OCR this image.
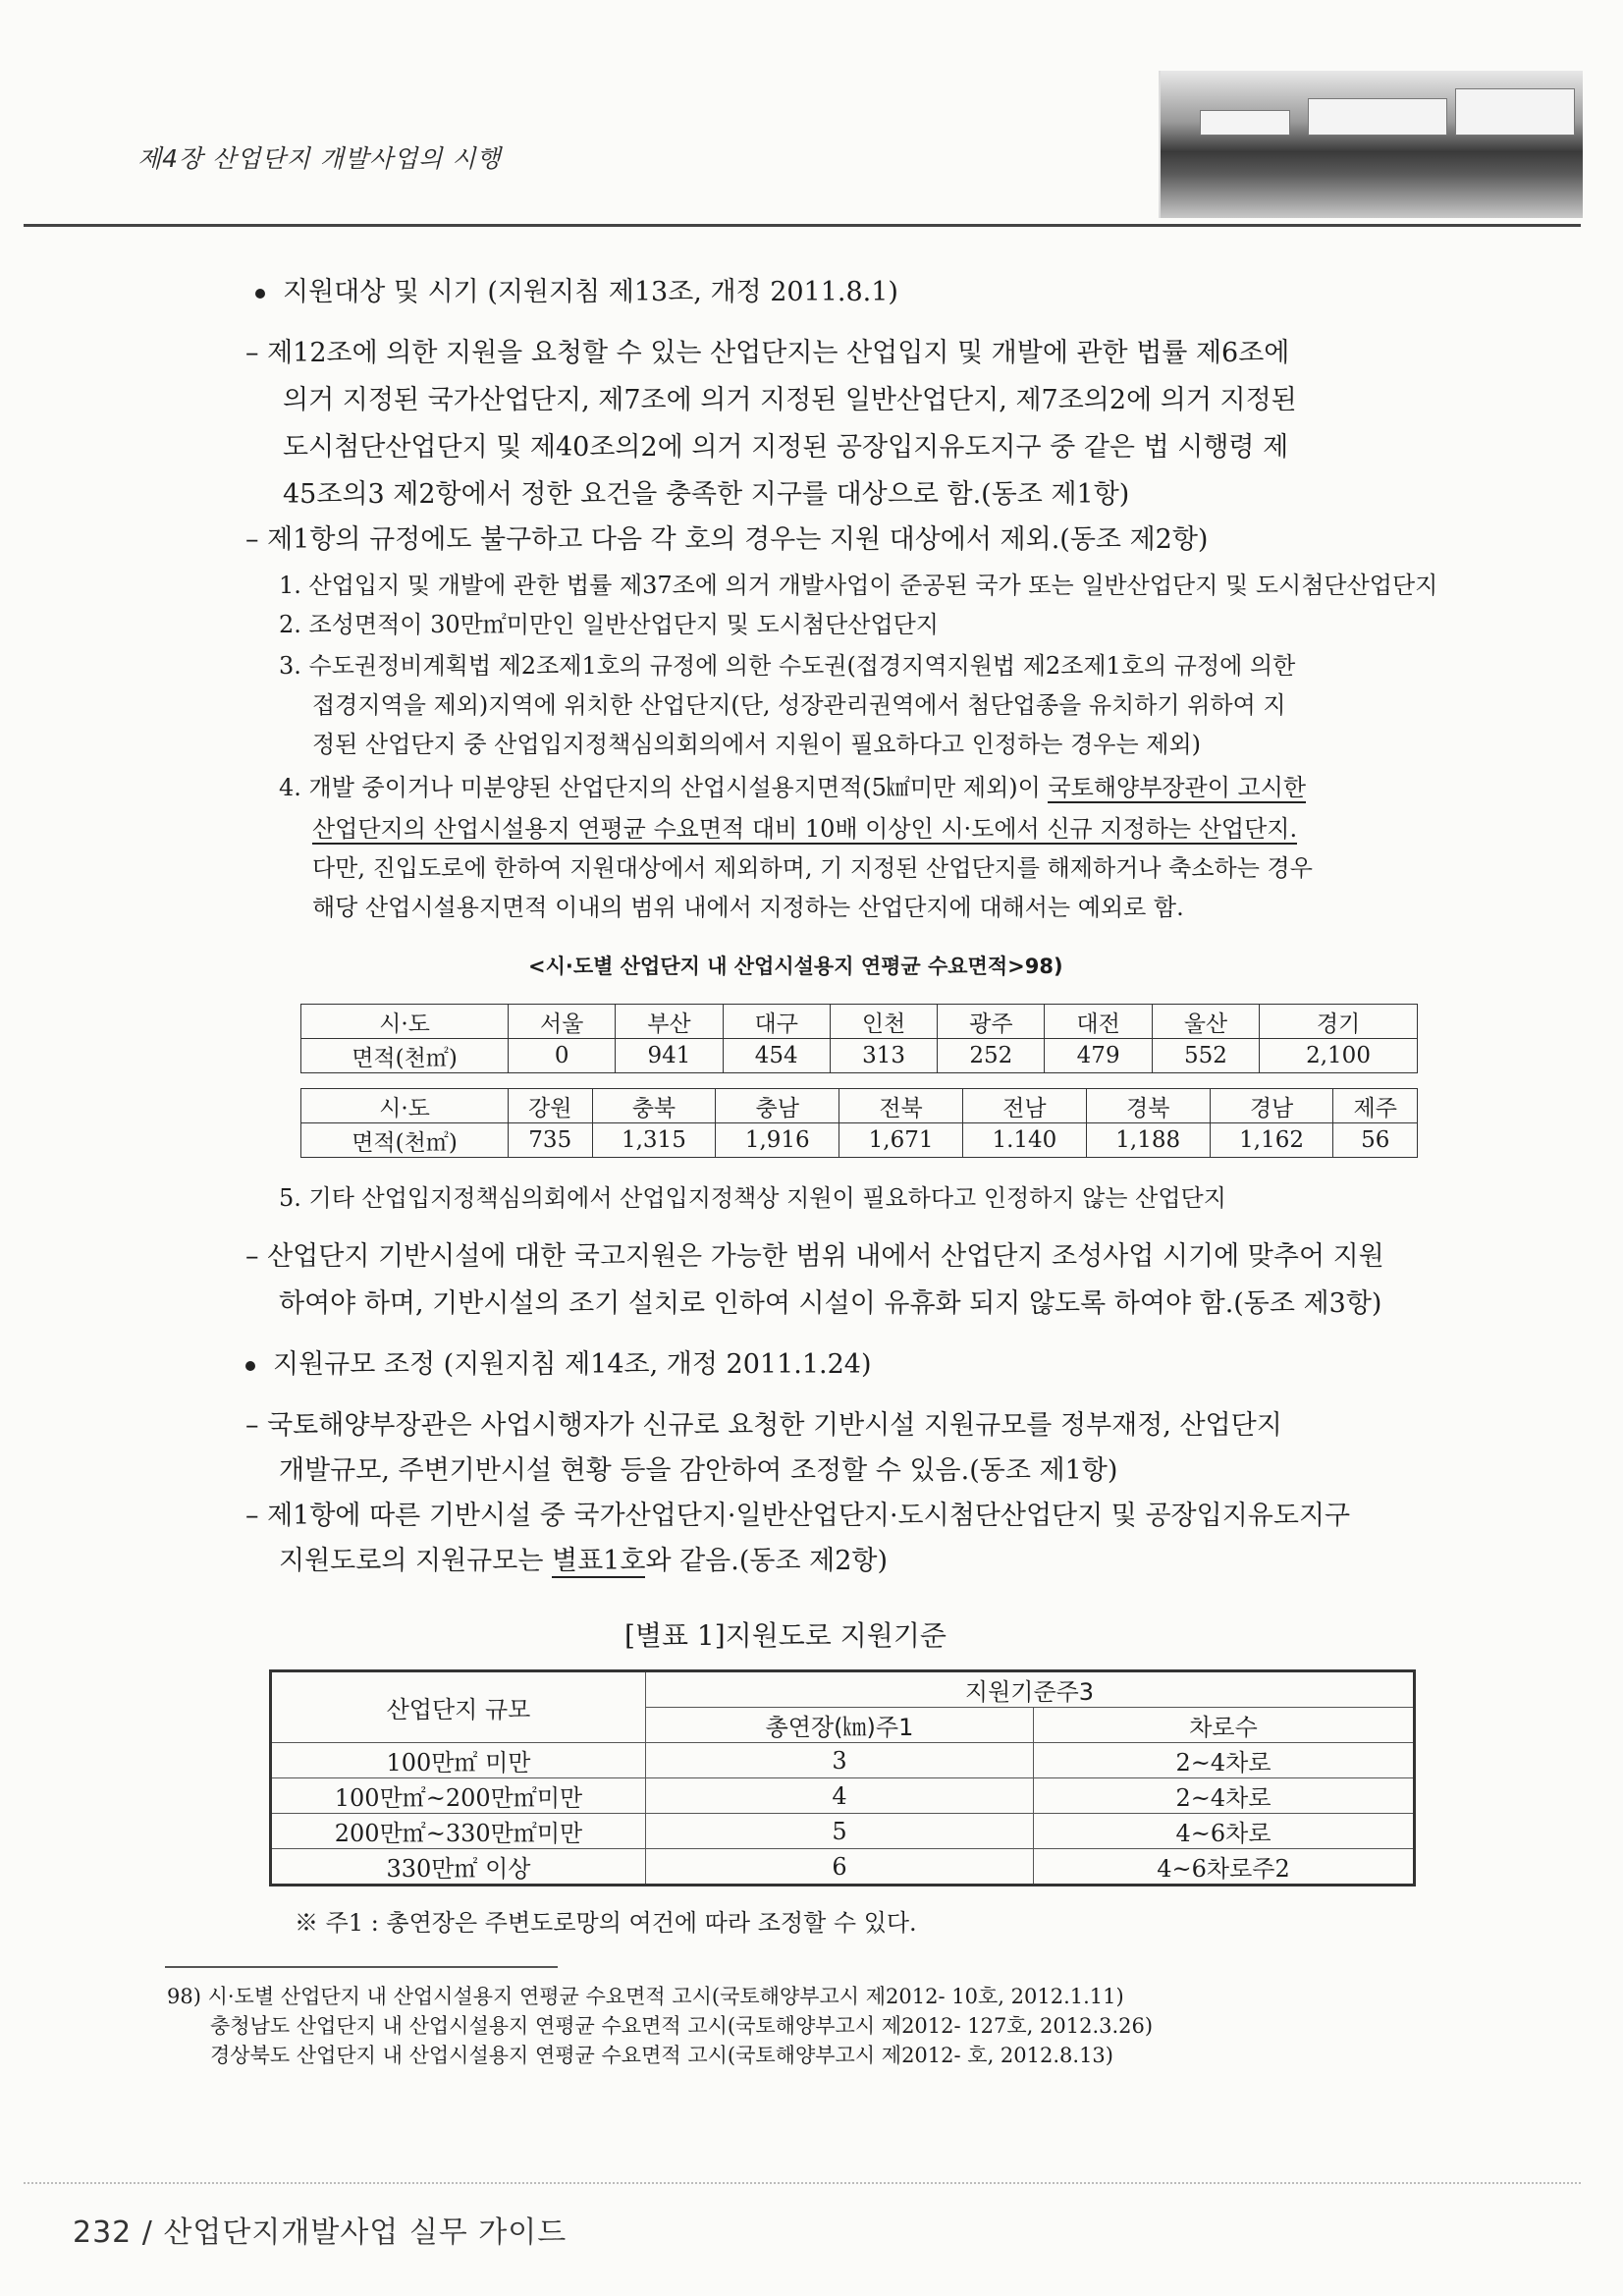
제4장 산업단지 개발사업의 시행
지원대상 및 시기 (지원지침 제13조, 개정 2011.8.1)
– 제12조에 의한 지원을 요청할 수 있는 산업단지는 산업입지 및 개발에 관한 법률 제6조에
의거 지정된 국가산업단지, 제7조에 의거 지정된 일반산업단지, 제7조의2에 의거 지정된
도시첨단산업단지 및 제40조의2에 의거 지정된 공장입지유도지구 중 같은 법 시행령 제
45조의3 제2항에서 정한 요건을 충족한 지구를 대상으로 함.(동조 제1항)
– 제1항의 규정에도 불구하고 다음 각 호의 경우는 지원 대상에서 제외.(동조 제2항)
1. 산업입지 및 개발에 관한 법률 제37조에 의거 개발사업이 준공된 국가 또는 일반산업단지 및 도시첨단산업단지
2. 조성면적이 30만㎡미만인 일반산업단지 및 도시첨단산업단지
3. 수도권정비계획법 제2조제1호의 규정에 의한 수도권(접경지역지원법 제2조제1호의 규정에 의한
접경지역을 제외)지역에 위치한 산업단지(단, 성장관리권역에서 첨단업종을 유치하기 위하여 지
정된 산업단지 중 산업입지정책심의회의에서 지원이 필요하다고 인정하는 경우는 제외)
4. 개발 중이거나 미분양된 산업단지의 산업시설용지면적(5㎢미만 제외)이 국토해양부장관이 고시한
산업단지의 산업시설용지 연평균 수요면적 대비 10배 이상인 시·도에서 신규 지정하는 산업단지.
다만, 진입도로에 한하여 지원대상에서 제외하며, 기 지정된 산업단지를 해제하거나 축소하는 경우
해당 산업시설용지면적 이내의 범위 내에서 지정하는 산업단지에 대해서는 예외로 함.
<시·도별 산업단지 내 산업시설용지 연평균 수요면적>98)
시·도	서울	부산	대구	인천	광주	대전	울산	경기
면적(천㎡)	0	941	454	313	252	479	552	2,100
시·도	강원	충북	충남	전북	전남	경북	경남	제주
면적(천㎡)	735	1,315	1,916	1,671	1.140	1,188	1,162	56
5. 기타 산업입지정책심의회에서 산업입지정책상 지원이 필요하다고 인정하지 않는 산업단지
– 산업단지 기반시설에 대한 국고지원은 가능한 범위 내에서 산업단지 조성사업 시기에 맞추어 지원
하여야 하며, 기반시설의 조기 설치로 인하여 시설이 유휴화 되지 않도록 하여야 함.(동조 제3항)
지원규모 조정 (지원지침 제14조, 개정 2011.1.24)
– 국토해양부장관은 사업시행자가 신규로 요청한 기반시설 지원규모를 정부재정, 산업단지
개발규모, 주변기반시설 현황 등을 감안하여 조정할 수 있음.(동조 제1항)
– 제1항에 따른 기반시설 중 국가산업단지·일반산업단지·도시첨단산업단지 및 공장입지유도지구
지원도로의 지원규모는 별표1호와 같음.(동조 제2항)
[별표 1]지원도로 지원기준
산업단지 규모	지원기준주3	
	총연장(㎞)주1	차로수
100만㎡ 미만	3	2~4차로
100만㎡~200만㎡미만	4	2~4차로
200만㎡~330만㎡미만	5	4~6차로
330만㎡ 이상	6	4~6차로주2
※ 주1 : 총연장은 주변도로망의 여건에 따라 조정할 수 있다.
98) 시·도별 산업단지 내 산업시설용지 연평균 수요면적 고시(국토해양부고시 제2012- 10호, 2012.1.11)
충청남도 산업단지 내 산업시설용지 연평균 수요면적 고시(국토해양부고시 제2012- 127호, 2012.3.26)
경상북도 산업단지 내 산업시설용지 연평균 수요면적 고시(국토해양부고시 제2012- 호, 2012.8.13)
232 / 산업단지개발사업 실무 가이드
